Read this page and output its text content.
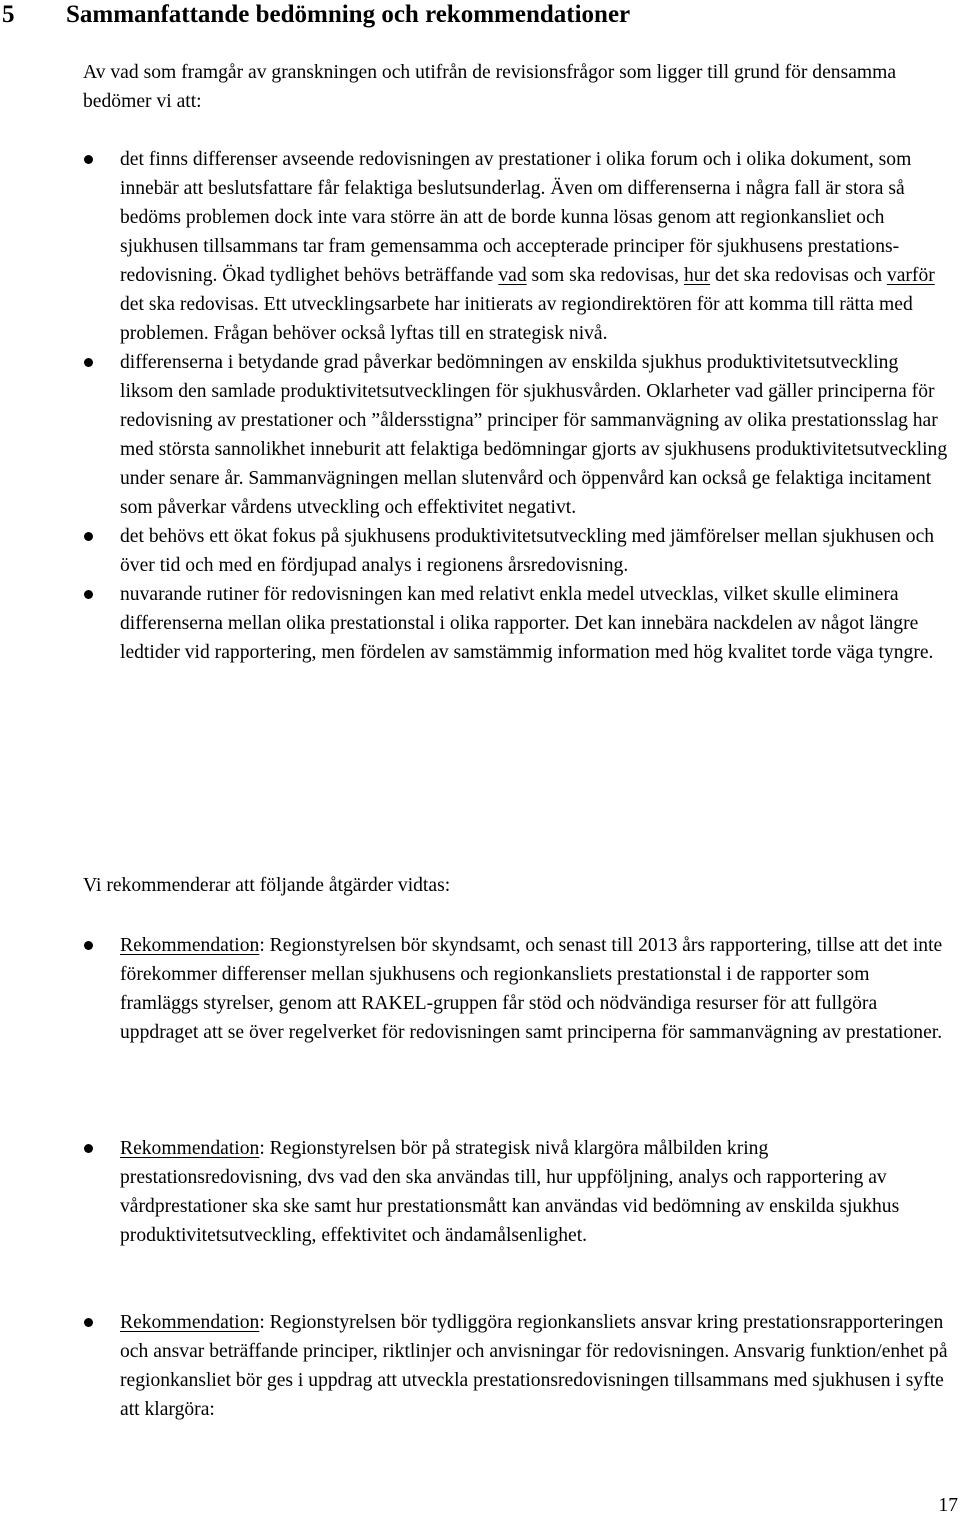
5 Sammanfattande bedömning och rekommendationer

Av vad som framgår av granskningen och utifrån de revisionsfrågor som ligger till grund för densamma bedömer vi att:

det finns differenser avseende redovisningen av prestationer i olika forum och i olika dokument, som innebär att beslutsfattare får felaktiga beslutsunderlag. Även om differenserna i några fall är stora så bedöms problemen dock inte vara större än att de borde kunna lösas genom att regionkansliet och sjukhusen tillsammans tar fram gemensamma och accepterade principer för sjukhusens prestations-redovisning. Ökad tydlighet behövs beträffande vad som ska redovisas, hur det ska redovisas och varför det ska redovisas. Ett utvecklingsarbete har initierats av regiondirektören för att komma till rätta med problemen. Frågan behöver också lyftas till en strategisk nivå.
differenserna i betydande grad påverkar bedömningen av enskilda sjukhus produktivitetsutveckling liksom den samlade produktivitetsutvecklingen för sjukhusvården. Oklarheter vad gäller principerna för redovisning av prestationer och ”åldersstigna” principer för sammanvägning av olika prestationsslag har med största sannolikhet inneburit att felaktiga bedömningar gjorts av sjukhusens produktivitetsutveckling under senare år. Sammanvägningen mellan slutenvård och öppenvård kan också ge felaktiga incitament som påverkar vårdens utveckling och effektivitet negativt.
det behövs ett ökat fokus på sjukhusens produktivitetsutveckling med jämförelser mellan sjukhusen och över tid och med en fördjupad analys i regionens årsredovisning.
nuvarande rutiner för redovisningen kan med relativt enkla medel utvecklas, vilket skulle eliminera differenserna mellan olika prestationstal i olika rapporter. Det kan innebära nackdelen av något längre ledtider vid rapportering, men fördelen av samstämmig information med hög kvalitet torde väga tyngre.

Vi rekommenderar att följande åtgärder vidtas:

Rekommendation: Regionstyrelsen bör skyndsamt, och senast till 2013 års rapportering, tillse att det inte förekommer differenser mellan sjukhusens och regionkansliets prestationstal i de rapporter som framläggs styrelser, genom att RAKEL-gruppen får stöd och nödvändiga resurser för att fullgöra uppdraget att se över regelverket för redovisningen samt principerna för sammanvägning av prestationer.
Rekommendation: Regionstyrelsen bör på strategisk nivå klargöra målbilden kring prestationsredovisning, dvs vad den ska användas till, hur uppföljning, analys och rapportering av vårdprestationer ska ske samt hur prestationsmått kan användas vid bedömning av enskilda sjukhus produktivitetsutveckling, effektivitet och ändamålsenlighet.
Rekommendation: Regionstyrelsen bör tydliggöra regionkansliets ansvar kring prestationsrapporteringen och ansvar beträffande principer, riktlinjer och anvisningar för redovisningen. Ansvarig funktion/enhet på regionkansliet bör ges i uppdrag att utveckla prestationsredovisningen tillsammans med sjukhusen i syfte att klargöra:
17
